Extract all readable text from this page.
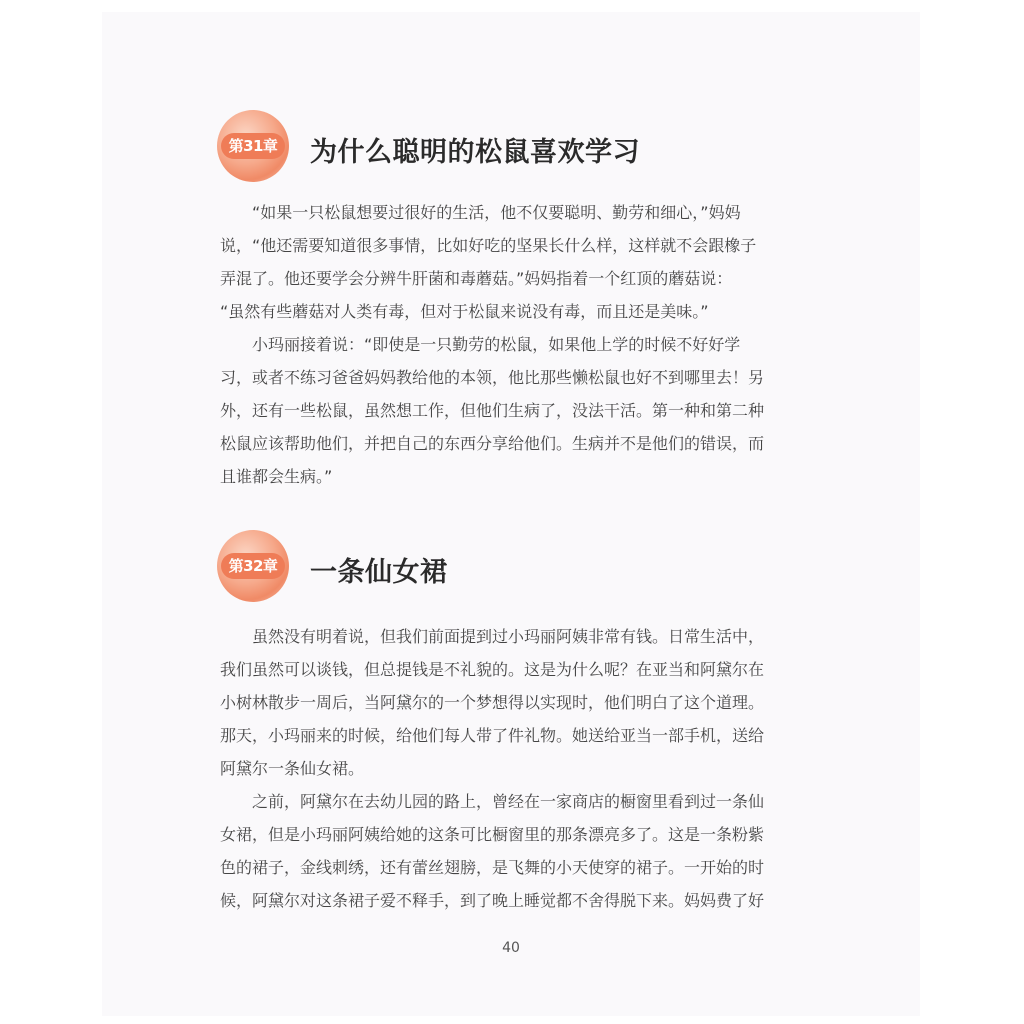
第31章 为什么聪明的松鼠喜欢学习

“如果一只松鼠想要过很好的生活，他不仅要聪明、勤劳和细心，”妈妈
说，“他还需要知道很多事情，比如好吃的坚果长什么样，这样就不会跟橡子
弄混了。他还要学会分辨牛肝菌和毒蘑菇。”妈妈指着一个红顶的蘑菇说：
“虽然有些蘑菇对人类有毒，但对于松鼠来说没有毒，而且还是美味。”

小玛丽接着说：“即使是一只勤劳的松鼠，如果他上学的时候不好好学
习，或者不练习爸爸妈妈教给他的本领，他比那些懒松鼠也好不到哪里去！另
外，还有一些松鼠，虽然想工作，但他们生病了，没法干活。第一种和第二种
松鼠应该帮助他们，并把自己的东西分享给他们。生病并不是他们的错误，而
且谁都会生病。”

第32章 一条仙女裙

虽然没有明着说，但我们前面提到过小玛丽阿姨非常有钱。日常生活中，
我们虽然可以谈钱，但总提钱是不礼貌的。这是为什么呢？在亚当和阿黛尔在
小树林散步一周后，当阿黛尔的一个梦想得以实现时，他们明白了这个道理。
那天，小玛丽来的时候，给他们每人带了件礼物。她送给亚当一部手机，送给
阿黛尔一条仙女裙。

之前，阿黛尔在去幼儿园的路上，曾经在一家商店的橱窗里看到过一条仙
女裙，但是小玛丽阿姨给她的这条可比橱窗里的那条漂亮多了。这是一条粉紫
色的裙子，金线刺绣，还有蕾丝翅膀，是飞舞的小天使穿的裙子。一开始的时
候，阿黛尔对这条裙子爱不释手，到了晚上睡觉都不舍得脱下来。妈妈费了好

40
